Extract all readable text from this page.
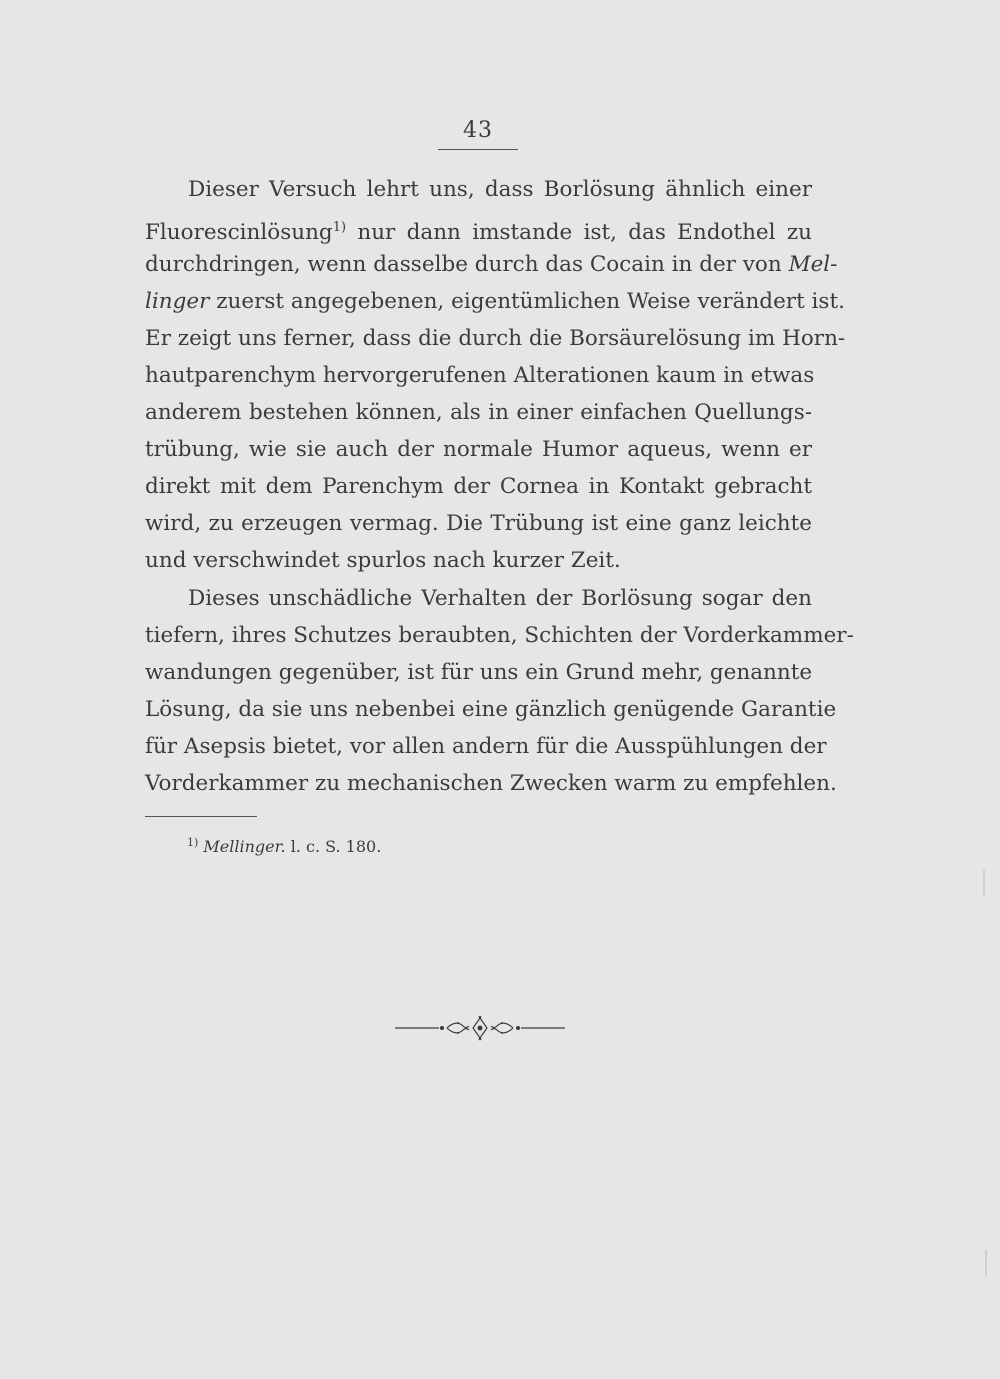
43
Dieser Versuch lehrt uns, dass Borlösung ähnlich einer
Fluorescinlösung$^{1)}$ nur dann imstande ist, das Endothel zu
durchdringen, wenn dasselbe durch das Cocain in der von Mel-
linger zuerst angegebenen, eigentümlichen Weise verändert ist.
Er zeigt uns ferner, dass die durch die Borsäurelösung im Horn-
hautparenchym hervorgerufenen Alterationen kaum in etwas
anderem bestehen können, als in einer einfachen Quellungs-
trübung, wie sie auch der normale Humor aqueus, wenn er
direkt mit dem Parenchym der Cornea in Kontakt gebracht
wird, zu erzeugen vermag. Die Trübung ist eine ganz leichte
und verschwindet spurlos nach kurzer Zeit.
Dieses unschädliche Verhalten der Borlösung sogar den
tiefern, ihres Schutzes beraubten, Schichten der Vorderkammer-
wandungen gegenüber, ist für uns ein Grund mehr, genannte
Lösung, da sie uns nebenbei eine gänzlich genügende Garantie
für Asepsis bietet, vor allen andern für die Ausspühlungen der
Vorderkammer zu mechanischen Zwecken warm zu empfehlen.
$^{1)}$ Mellinger. l. c. S. 180.
